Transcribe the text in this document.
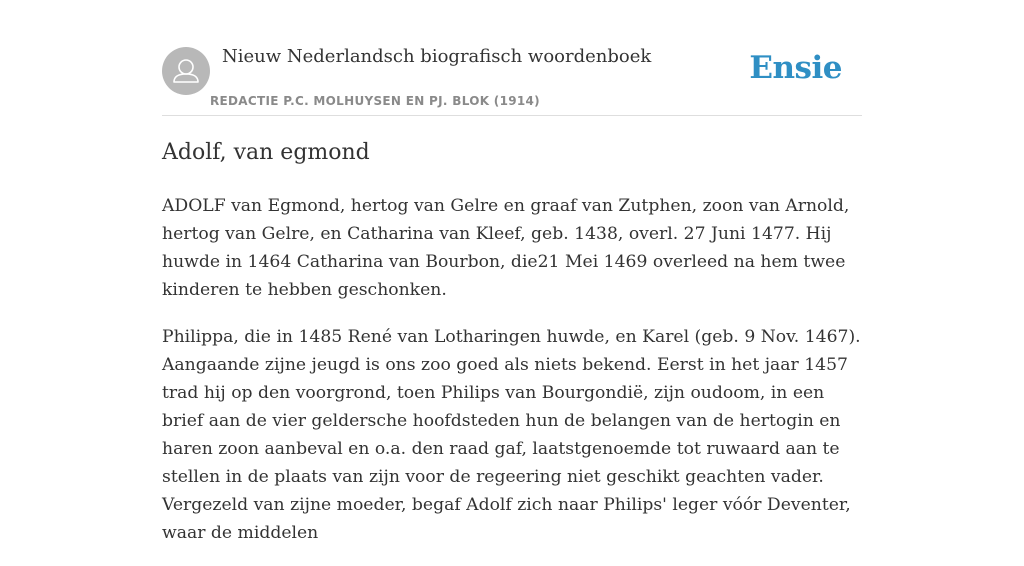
Nieuw Nederlandsch biografisch woordenboek
REDACTIE P.C. MOLHUYSEN EN PJ. BLOK (1914)
Ensie
Adolf, van egmond

ADOLF van Egmond, hertog van Gelre en graaf van Zutphen, zoon van Arnold, hertog van Gelre, en Catharina van Kleef, geb. 1438, overl. 27 Juni 1477. Hij huwde in 1464 Catharina van Bourbon, die21 Mei 1469 overleed na hem twee kinderen te hebben geschonken.

Philippa, die in 1485 René van Lotharingen huwde, en Karel (geb. 9 Nov. 1467). Aangaande zijne jeugd is ons zoo goed als niets bekend. Eerst in het jaar 1457 trad hij op den voorgrond, toen Philips van Bourgondië, zijn oudoom, in een brief aan de vier geldersche hoofdsteden hun de belangen van de hertogin en haren zoon aanbeval en o.a. den raad gaf, laatstgenoemde tot ruwaard aan te stellen in de plaats van zijn voor de regeering niet geschikt geachten vader. Vergezeld van zijne moeder, begaf Adolf zich naar Philips' leger vóór Deventer, waar de middelen
